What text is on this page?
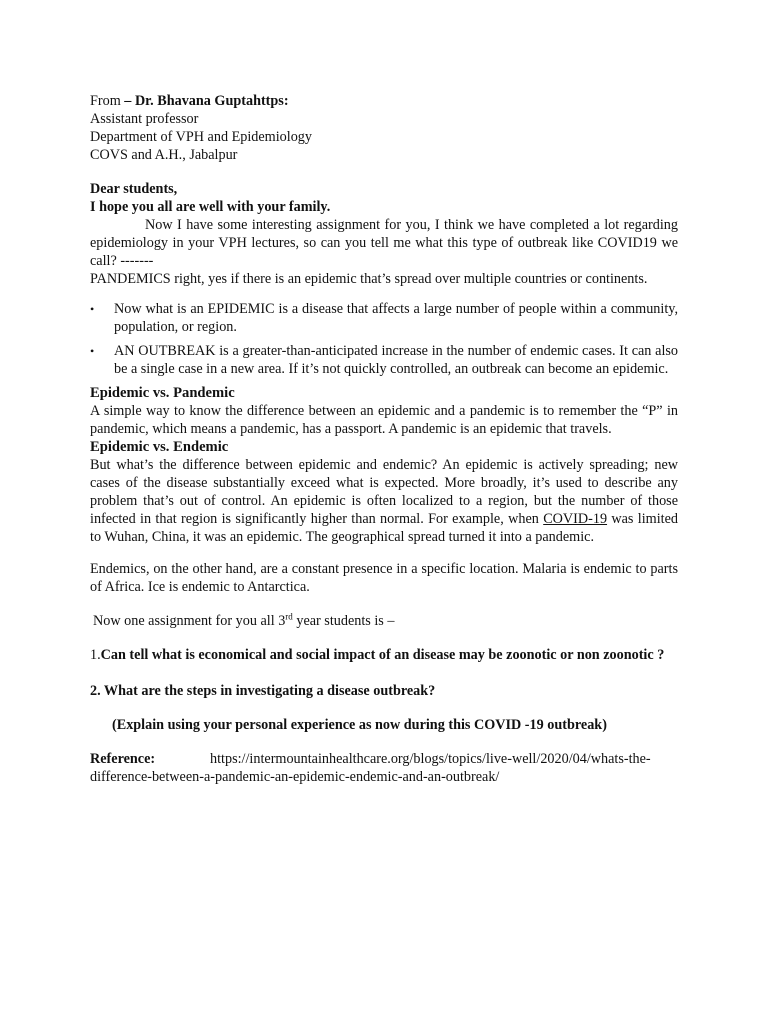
From – Dr. Bhavana Guptahttps:
Assistant professor
Department of VPH and Epidemiology
COVS and A.H., Jabalpur
Dear students,
I hope you all are well with your family.
Now I have some interesting assignment for you, I think we have completed a lot regarding epidemiology in your VPH lectures, so can you tell me what this type of outbreak like COVID19 we call? -------
PANDEMICS right, yes if there is an epidemic that’s spread over multiple countries or continents.
• Now what is an EPIDEMIC is a disease that affects a large number of people within a community, population, or region.
• AN OUTBREAK is a greater-than-anticipated increase in the number of endemic cases. It can also be a single case in a new area. If it’s not quickly controlled, an outbreak can become an epidemic.
Epidemic vs. Pandemic
A simple way to know the difference between an epidemic and a pandemic is to remember the “P” in pandemic, which means a pandemic, has a passport. A pandemic is an epidemic that travels.
Epidemic vs. Endemic
But what’s the difference between epidemic and endemic? An epidemic is actively spreading; new cases of the disease substantially exceed what is expected. More broadly, it’s used to describe any problem that’s out of control. An epidemic is often localized to a region, but the number of those infected in that region is significantly higher than normal. For example, when COVID-19 was limited to Wuhan, China, it was an epidemic. The geographical spread turned it into a pandemic.
Endemics, on the other hand, are a constant presence in a specific location. Malaria is endemic to parts of Africa. Ice is endemic to Antarctica.
Now one assignment for you all 3rd year students is –
1.Can tell what is economical and social impact of an disease may be zoonotic or non zoonotic ?
2. What are the steps in investigating a disease outbreak?
(Explain using your personal experience as now during this COVID -19 outbreak)
Reference:	https://intermountainhealthcare.org/blogs/topics/live-well/2020/04/whats-the-difference-between-a-pandemic-an-epidemic-endemic-and-an-outbreak/
